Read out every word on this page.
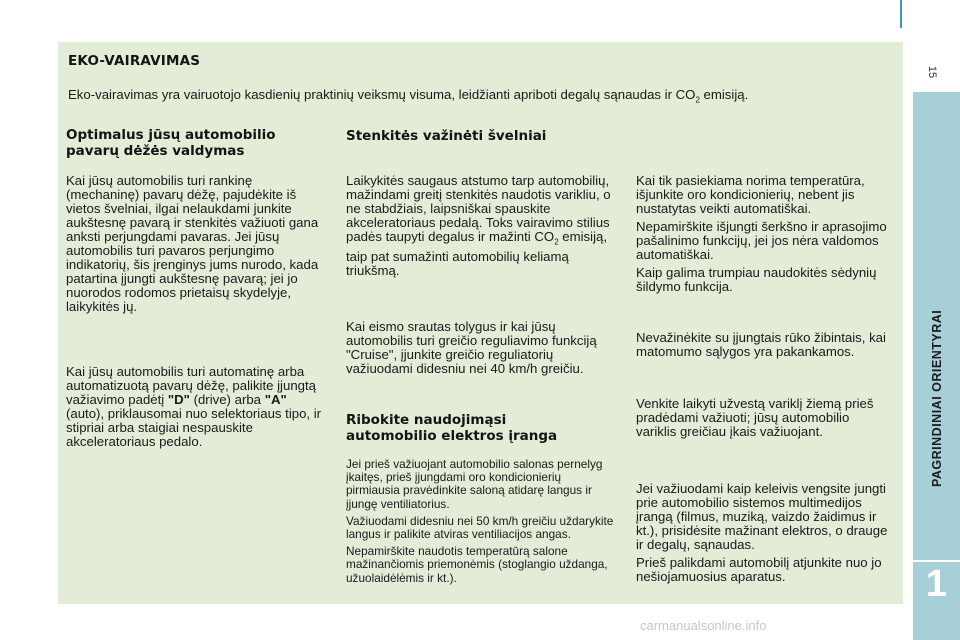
EKO-VAIRAVIMAS
Eko-vairavimas yra vairuotojo kasdienių praktinių veiksmų visuma, leidžianti apriboti degalų sąnaudas ir $CO_2$ emisiją.
Optimalus jūsų automobilio
pavarų dėžės valdymas

Kai jūsų automobilis turi rankinę (mechaninę) pavarų dėžę, pajudėkite iš vietos švelniai, ilgai nelaukdami junkite aukštesnę pavarą ir stenkitės važiuoti gana anksti perjungdami pavaras. Jei jūsų automobilis turi pavaros perjungimo indikatorių, šis įrenginys jums nurodo, kada patartina įjungti aukštesnę pavarą; jei jo nuorodos rodomos prietaisų skydelyje, laikykitės jų.

Kai jūsų automobilis turi automatinę arba automatizuotą pavarų dėžę, palikite įjungtą važiavimo padėtį "D" (drive) arba "A" (auto), priklausomai nuo selektoriaus tipo, ir stipriai arba staigiai nespauskite akceleratoriaus pedalo.

Stenkitės važinėti švelniai

Laikykitės saugaus atstumo tarp automobilių, mažindami greitį stenkitės naudotis varikliu, o ne stabdžiais, laipsniškai spauskite akceleratoriaus pedalą. Toks vairavimo stilius padės taupyti degalus ir mažinti $CO_2$ emisiją, taip pat sumažinti automobilių keliamą triukšmą.

Kai eismo srautas tolygus ir kai jūsų automobilis turi greičio reguliavimo funkciją "Cruise", įjunkite greičio reguliatorių važiuodami didesniu nei 40 km/h greičiu.

Ribokite naudojimąsi
automobilio elektros įranga

Jei prieš važiuojant automobilio salonas pernelyg įkaitęs, prieš įjungdami oro kondicionierių pirmiausia pravėdinkite saloną atidarę langus ir įjungę ventiliatorius.

Važiuodami didesniu nei 50 km/h greičiu uždarykite langus ir palikite atviras ventiliacijos angas.

Nepamirškite naudotis temperatūrą salone mažinančiomis priemonėmis (stoglangio uždanga, užuolaidėlėmis ir kt.).

Kai tik pasiekiama norima temperatūra, išjunkite oro kondicionierių, nebent jis nustatytas veikti automatiškai.

Nepamirškite išjungti šerkšno ir aprasojimo pašalinimo funkcijų, jei jos nėra valdomos automatiškai.

Kaip galima trumpiau naudokitės sėdynių šildymo funkcija.

Nevažinėkite su įjungtais rūko žibintais, kai matomumo sąlygos yra pakankamos.

Venkite laikyti užvestą variklį žiemą prieš pradėdami važiuoti; jūsų automobilio variklis greičiau įkais važiuojant.

Jei važiuodami kaip keleivis vengsite jungti prie automobilio sistemos multimedijos įrangą (filmus, muziką, vaizdo žaidimus ir kt.), prisidėsite mažinant elektros, o drauge ir degalų, sąnaudas.

Prieš palikdami automobilį atjunkite nuo jo nešiojamuosius aparatus.

15
PAGRINDINIAI ORIENTYRAI
1
carmanualsonline.info
